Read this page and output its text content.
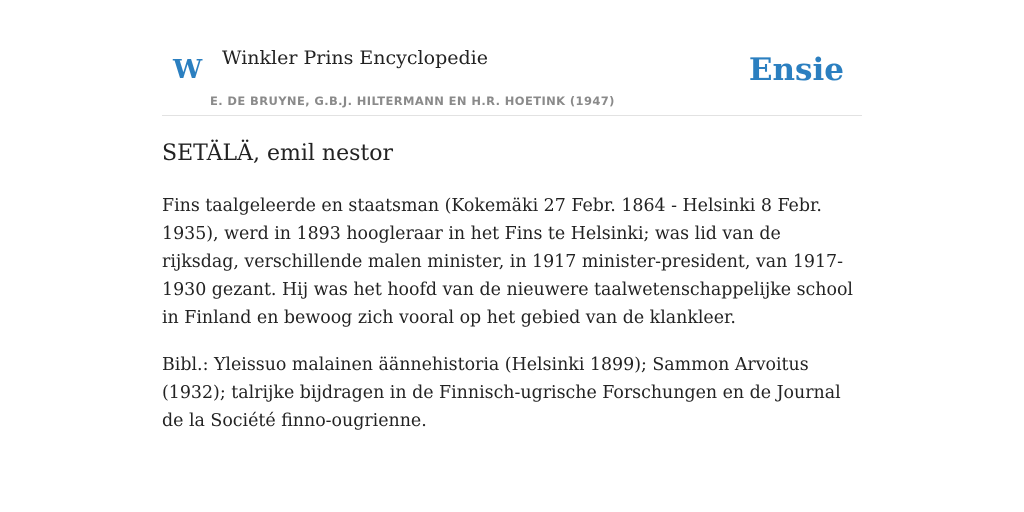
W Winkler Prins Encyclopedie
E. DE BRUYNE, G.B.J. HILTERMANN EN H.R. HOETINK (1947)
Ensie
SETÄLÄ, emil nestor

Fins taalgeleerde en staatsman (Kokemäki 27 Febr. 1864 - Helsinki 8 Febr. 1935), werd in 1893 hoogleraar in het Fins te Helsinki; was lid van de rijksdag, verschillende malen minister, in 1917 minister-president, van 1917-1930 gezant. Hij was het hoofd van de nieuwere taalwetenschappelijke school in Finland en bewoog zich vooral op het gebied van de klankleer.

Bibl.: Yleissuo malainen äännehistoria (Helsinki 1899); Sammon Arvoitus (1932); talrijke bijdragen in de Finnisch-ugrische Forschungen en de Journal de la Société finno-ougrienne.
